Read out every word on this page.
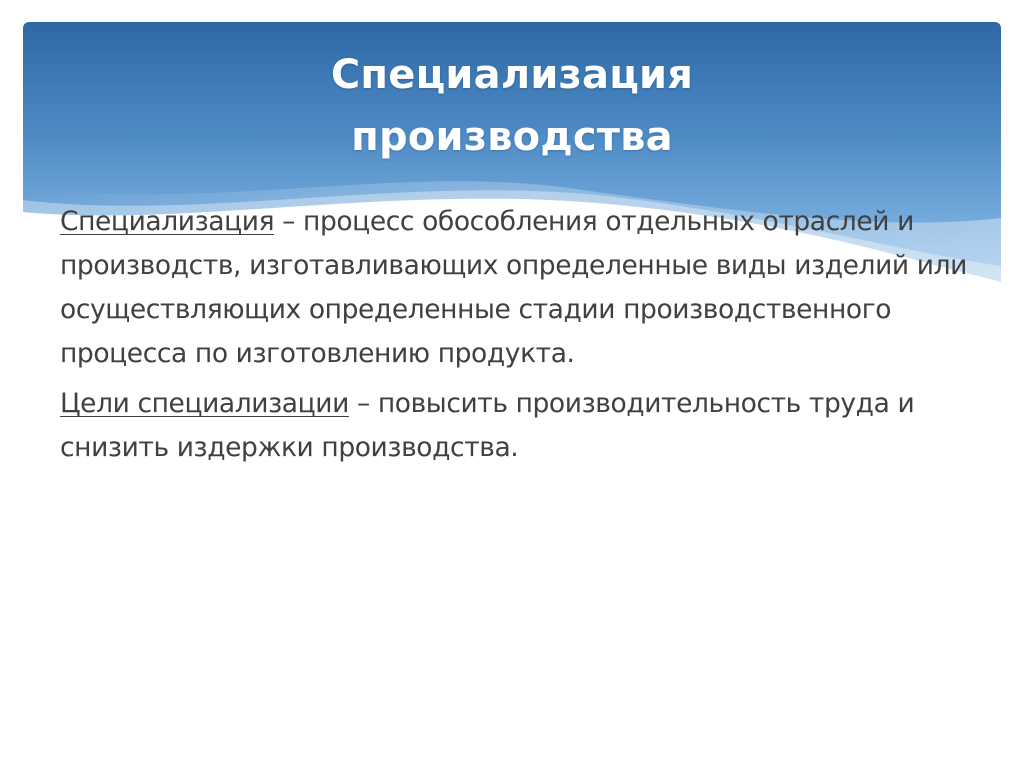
Специализация
производства

Специализация – процесс обособления отдельных отраслей и производств, изготавливающих определенные виды изделий или осуществляющих определенные стадии производственного процесса по изготовлению продукта.

Цели специализации – повысить производительность труда и снизить издержки производства.
